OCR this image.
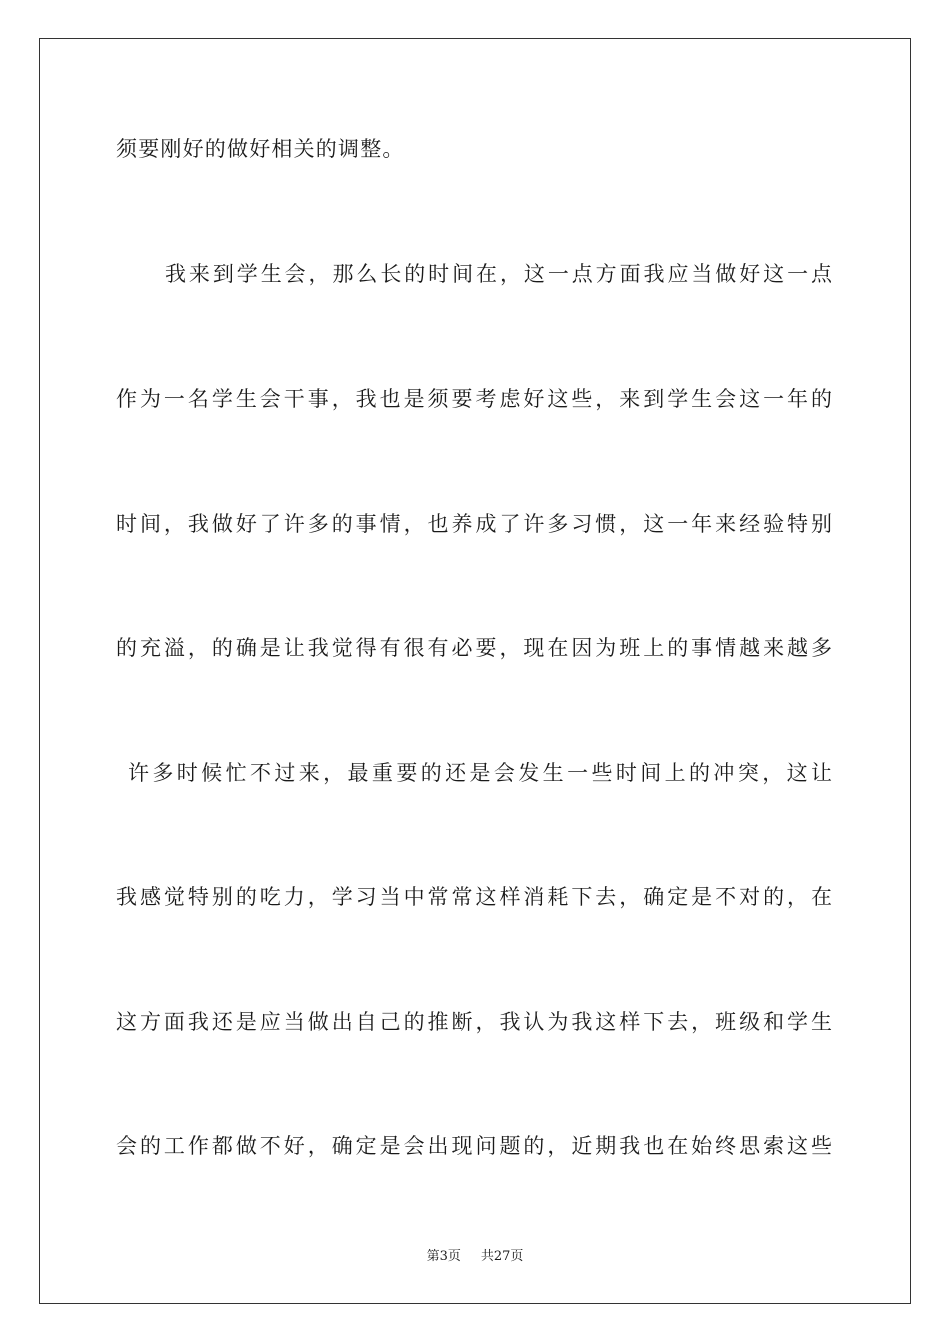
须要刚好的做好相关的调整。
我来到学生会，那么长的时间在，这一点方面我应当做好这一点
作为一名学生会干事，我也是须要考虑好这些，来到学生会这一年的
时间，我做好了许多的事情，也养成了许多习惯，这一年来经验特别
的充溢，的确是让我觉得有很有必要，现在因为班上的事情越来越多
许多时候忙不过来，最重要的还是会发生一些时间上的冲突，这让
我感觉特别的吃力，学习当中常常这样消耗下去，确定是不对的，在
这方面我还是应当做出自己的推断，我认为我这样下去，班级和学生
会的工作都做不好，确定是会出现问题的，近期我也在始终思索这些
第3页 共27页
